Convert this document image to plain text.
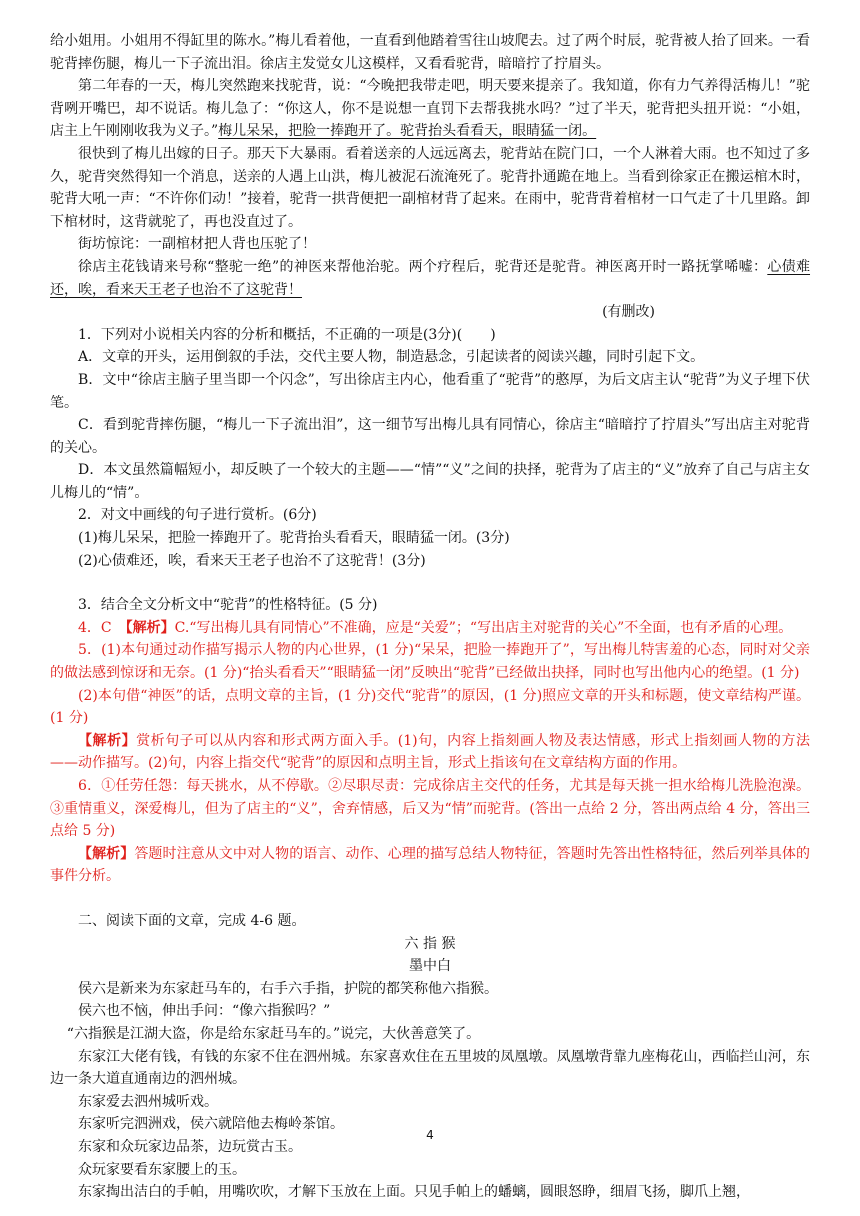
给小姐用。小姐用不得缸里的陈水。”梅儿看着他，一直看到他踏着雪往山坡爬去。过了两个时辰，驼背被人抬了回来。一看驼背摔伤腿，梅儿一下子流出泪。徐店主发觉女儿这模样，又看看驼背，暗暗拧了拧眉头。

第二年春的一天，梅儿突然跑来找驼背，说：“今晚把我带走吧，明天要来提亲了。我知道，你有力气养得活梅儿！”驼背咧开嘴巴，却不说话。梅儿急了：“你这人，你不是说想一直罚下去帮我挑水吗？”过了半天，驼背把头扭开说：“小姐，店主上午刚刚收我为义子。”梅儿呆呆，把脸一捧跑开了。驼背抬头看看天，眼睛猛一闭。

很快到了梅儿出嫁的日子。那天下大暴雨。看着送亲的人远远离去，驼背站在院门口，一个人淋着大雨。也不知过了多久，驼背突然得知一个消息，送亲的人遇上山洪，梅儿被泥石流淹死了。驼背扑通跪在地上。当看到徐家正在搬运棺木时，驼背大吼一声：“不许你们动！”接着，驼背一拱背便把一副棺材背了起来。在雨中，驼背背着棺材一口气走了十几里路。卸下棺材时，这背就驼了，再也没直过了。

街坊惊诧：一副棺材把人背也压驼了！

徐店主花钱请来号称“整驼一绝”的神医来帮他治驼。两个疗程后，驼背还是驼背。神医离开时一路抚掌唏嘘：心债难还，唉，看来天王老子也治不了这驼背！

(有删改)

1．下列对小说相关内容的分析和概括，不正确的一项是(3分)(　　)

A．文章的开头，运用倒叙的手法，交代主要人物，制造悬念，引起读者的阅读兴趣，同时引起下文。

B．文中“徐店主脑子里当即一个闪念”，写出徐店主内心，他看重了“驼背”的憨厚，为后文店主认“驼背”为义子埋下伏笔。

C．看到驼背摔伤腿，“梅儿一下子流出泪”，这一细节写出梅儿具有同情心，徐店主“暗暗拧了拧眉头”写出店主对驼背的关心。

D．本文虽然篇幅短小，却反映了一个较大的主题——“情”“义”之间的抉择，驼背为了店主的“义”放弃了自己与店主女儿梅儿的“情”。

2．对文中画线的句子进行赏析。(6分)

(1)梅儿呆呆，把脸一捧跑开了。驼背抬头看看天，眼睛猛一闭。(3分)

(2)心债难还，唉，看来天王老子也治不了这驼背！(3分)

3．结合全文分析文中“驼背”的性格特征。(5 分)

4．C　【解析】C.“写出梅儿具有同情心”不准确，应是“关爱”；“写出店主对驼背的关心”不全面，也有矛盾的心理。

5．(1)本句通过动作描写揭示人物的内心世界，(1 分)“呆呆，把脸一捧跑开了”，写出梅儿特害羞的心态，同时对父亲的做法感到惊讶和无奈。(1 分)“抬头看看天”“眼睛猛一闭”反映出“驼背”已经做出抉择，同时也写出他内心的绝望。(1 分)

(2)本句借“神医”的话，点明文章的主旨，(1 分)交代“驼背”的原因，(1 分)照应文章的开头和标题，使文章结构严谨。(1 分)

【解析】赏析句子可以从内容和形式两方面入手。(1)句，内容上指刻画人物及表达情感，形式上指刻画人物的方法——动作描写。(2)句，内容上指交代“驼背”的原因和点明主旨，形式上指该句在文章结构方面的作用。

6．①任劳任怨：每天挑水，从不停歇。②尽职尽责：完成徐店主交代的任务，尤其是每天挑一担水给梅儿洗脸泡澡。③重情重义，深爱梅儿，但为了店主的“义”，舍弃情感，后又为“情”而驼背。(答出一点给 2 分，答出两点给 4 分，答出三点给 5 分)

【解析】答题时注意从文中对人物的语言、动作、心理的描写总结人物特征，答题时先答出性格特征，然后列举具体的事件分析。

二、阅读下面的文章，完成 4-6 题。

六 指 猴

墨中白

侯六是新来为东家赶马车的，右手六手指，护院的都笑称他六指猴。

侯六也不恼，伸出手问：“像六指猴吗？”

“六指猴是江湖大盗，你是给东家赶马车的。”说完，大伙善意笑了。

东家江大佬有钱，有钱的东家不住在泗州城。东家喜欢住在五里坡的凤凰墩。凤凰墩背靠九座梅花山，西临拦山河，东边一条大道直通南边的泗州城。

东家爱去泗州城听戏。

东家听完泗洲戏，侯六就陪他去梅岭茶馆。

东家和众玩家边品茶，边玩赏古玉。

众玩家要看东家腰上的玉。

东家掏出洁白的手帕，用嘴吹吹，才解下玉放在上面。只见手帕上的蟠螭，圆眼怒睁，细眉飞扬，脚爪上翘，

4
